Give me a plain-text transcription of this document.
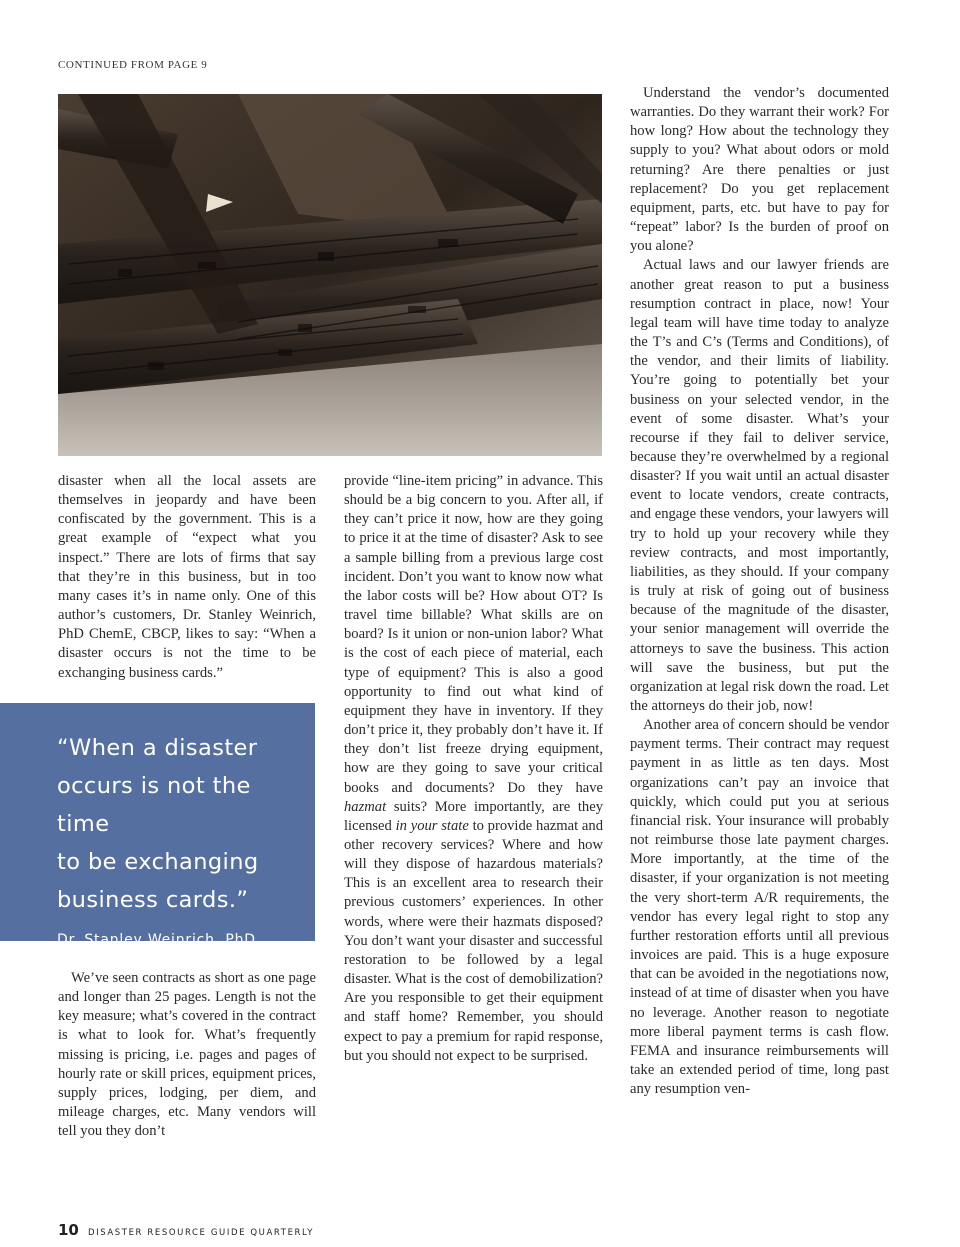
CONTINUED FROM PAGE 9

disaster when all the local assets are themselves in jeopardy and have been confiscated by the government. This is a great example of “expect what you inspect.” There are lots of firms that say that they’re in this business, but in too many cases it’s in name only. One of this author’s customers, Dr. Stanley Weinrich, PhD ChemE, CBCP, likes to say: “When a disaster occurs is not the time to be exchanging business cards.”

“When a disaster
occurs is not the time
to be exchanging
business cards.”
Dr. Stanley Weinrich, PhD
ChemE, CBCP

We’ve seen contracts as short as one page and longer than 25 pages. Length is not the key measure; what’s covered in the contract is what to look for. What’s frequently missing is pricing, i.e. pages and pages of hourly rate or skill prices, equipment prices, supply prices, lodging, per diem, and mileage charges, etc. Many vendors will tell you they don’t

provide “line-item pricing” in advance. This should be a big concern to you. After all, if they can’t price it now, how are they going to price it at the time of disaster? Ask to see a sample billing from a previous large cost incident. Don’t you want to know now what the labor costs will be? How about OT? Is travel time billable? What skills are on board? Is it union or non-union labor? What is the cost of each piece of material, each type of equipment? This is also a good opportunity to find out what kind of equipment they have in inventory. If they don’t price it, they probably don’t have it. If they don’t list freeze drying equipment, how are they going to save your critical books and documents? Do they have hazmat suits? More importantly, are they licensed in your state to provide hazmat and other recovery services? Where and how will they dispose of hazardous materials? This is an excellent area to research their previous customers’ experiences. In other words, where were their hazmats disposed? You don’t want your disaster and successful restoration to be followed by a legal disaster. What is the cost of demobilization? Are you responsible to get their equipment and staff home? Remember, you should expect to pay a premium for rapid response, but you should not expect to be surprised.

Understand the vendor’s documented warranties. Do they warrant their work? For how long? How about the technology they supply to you? What about odors or mold returning? Are there penalties or just replacement? Do you get replacement equipment, parts, etc. but have to pay for “repeat” labor? Is the burden of proof on you alone?

Actual laws and our lawyer friends are another great reason to put a business resumption contract in place, now! Your legal team will have time today to analyze the T’s and C’s (Terms and Conditions), of the vendor, and their limits of liability. You’re going to potentially bet your business on your selected vendor, in the event of some disaster. What’s your recourse if they fail to deliver service, because they’re overwhelmed by a regional disaster? If you wait until an actual disaster event to locate vendors, create contracts, and engage these vendors, your lawyers will try to hold up your recovery while they review contracts, and most importantly, liabilities, as they should. If your company is truly at risk of going out of business because of the magnitude of the disaster, your senior management will override the attorneys to save the business. This action will save the business, but put the organization at legal risk down the road. Let the attorneys do their job, now!

Another area of concern should be vendor payment terms. Their contract may request payment in as little as ten days. Most organizations can’t pay an invoice that quickly, which could put you at serious financial risk. Your insurance will probably not reimburse those late payment charges. More importantly, at the time of the disaster, if your organization is not meeting the very short-term A/R requirements, the vendor has every legal right to stop any further restoration efforts until all previous invoices are paid. This is a huge exposure that can be avoided in the negotiations now, instead of at time of disaster when you have no leverage. Another reason to negotiate more liberal payment terms is cash flow. FEMA and insurance reimbursements will take an extended period of time, long past any resumption ven-

10 DISASTER RESOURCE GUIDE QUARTERLY
